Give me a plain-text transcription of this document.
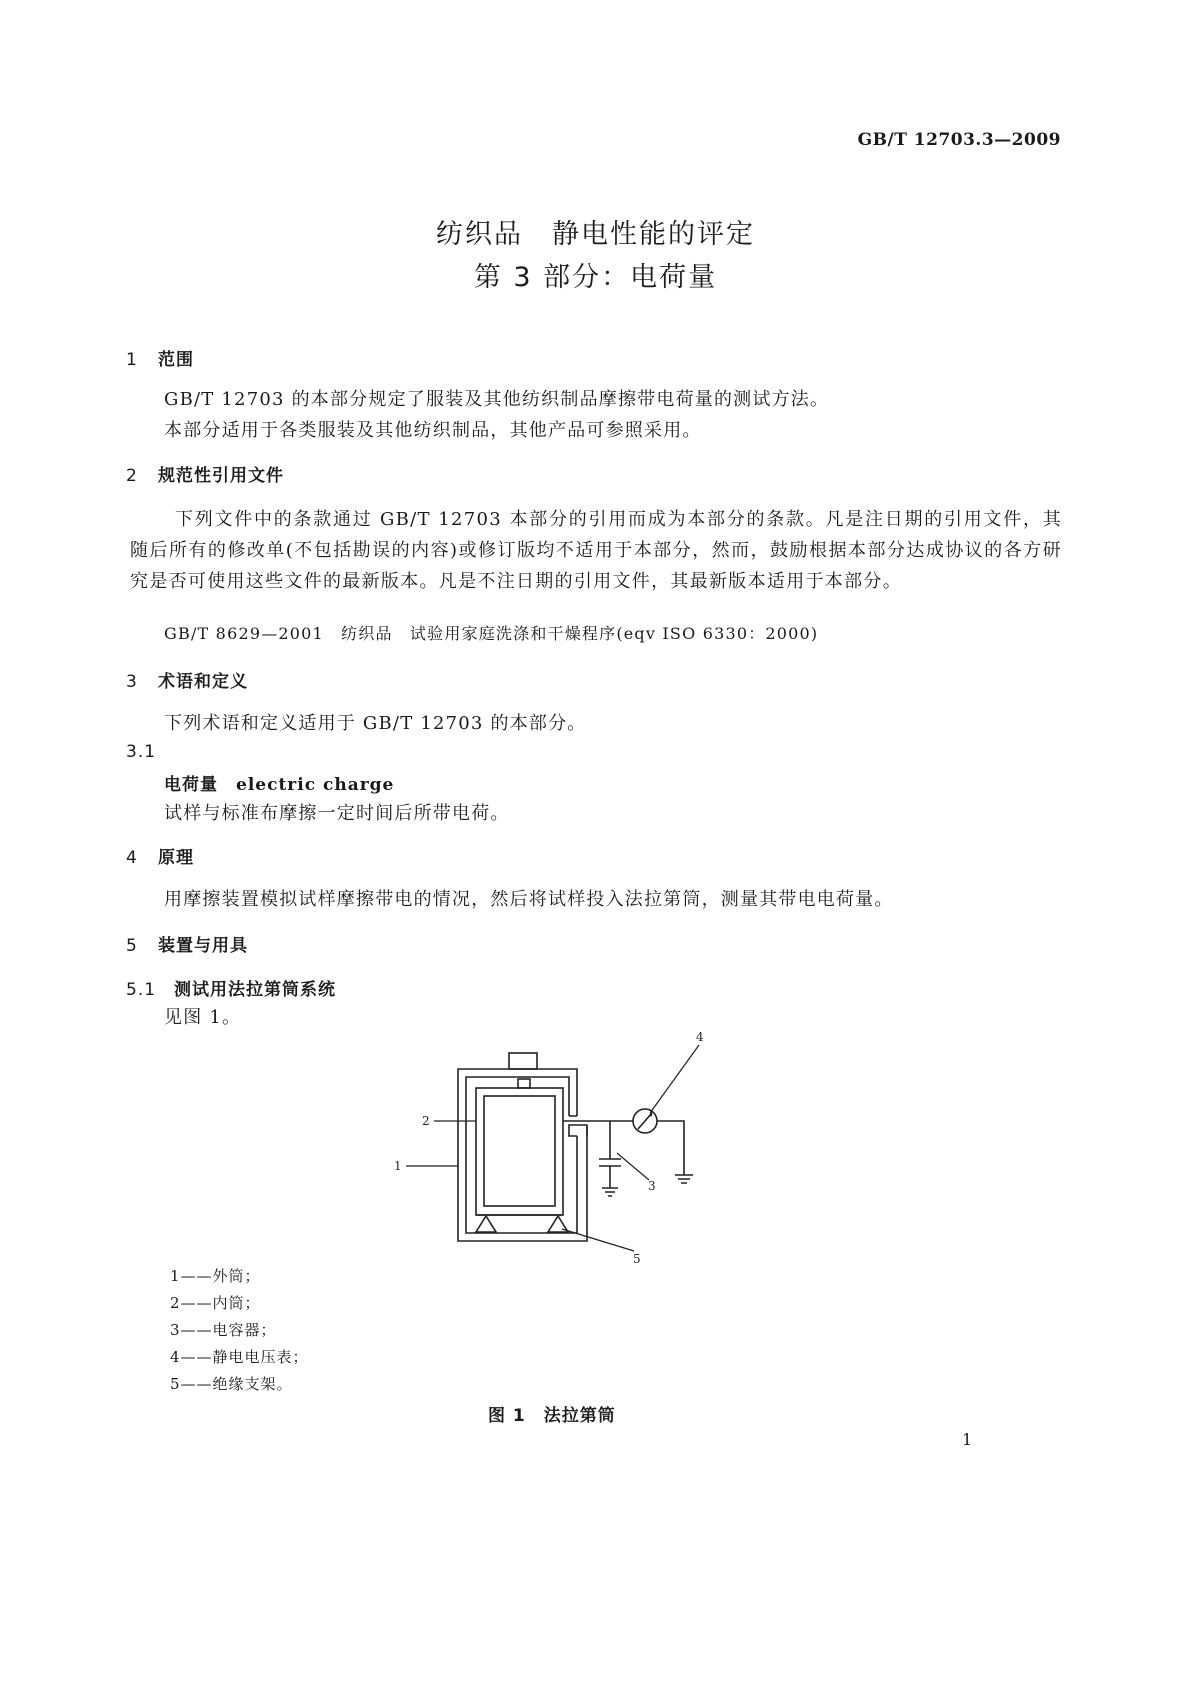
GB/T 12703.3—2009
纺织品　静电性能的评定
第 3 部分：电荷量
1 范围
GB/T 12703 的本部分规定了服装及其他纺织制品摩擦带电荷量的测试方法。
本部分适用于各类服装及其他纺织制品，其他产品可参照采用。
2 规范性引用文件
下列文件中的条款通过 GB/T 12703 本部分的引用而成为本部分的条款。凡是注日期的引用文件，其随后所有的修改单(不包括勘误的内容)或修订版均不适用于本部分，然而，鼓励根据本部分达成协议的各方研究是否可使用这些文件的最新版本。凡是不注日期的引用文件，其最新版本适用于本部分。
GB/T 8629—2001　纺织品　试验用家庭洗涤和干燥程序(eqv ISO 6330：2000)
3 术语和定义
下列术语和定义适用于 GB/T 12703 的本部分。
3.1
电荷量 electric charge
试样与标准布摩擦一定时间后所带电荷。
4 原理
用摩擦装置模拟试样摩擦带电的情况，然后将试样投入法拉第筒，测量其带电电荷量。
5 装置与用具
5.1 测试用法拉第筒系统
见图 1。
1
2
3
4
5
1——外筒；
2——内筒；
3——电容器；
4——静电电压表；
5——绝缘支架。
图 1　法拉第筒
1
